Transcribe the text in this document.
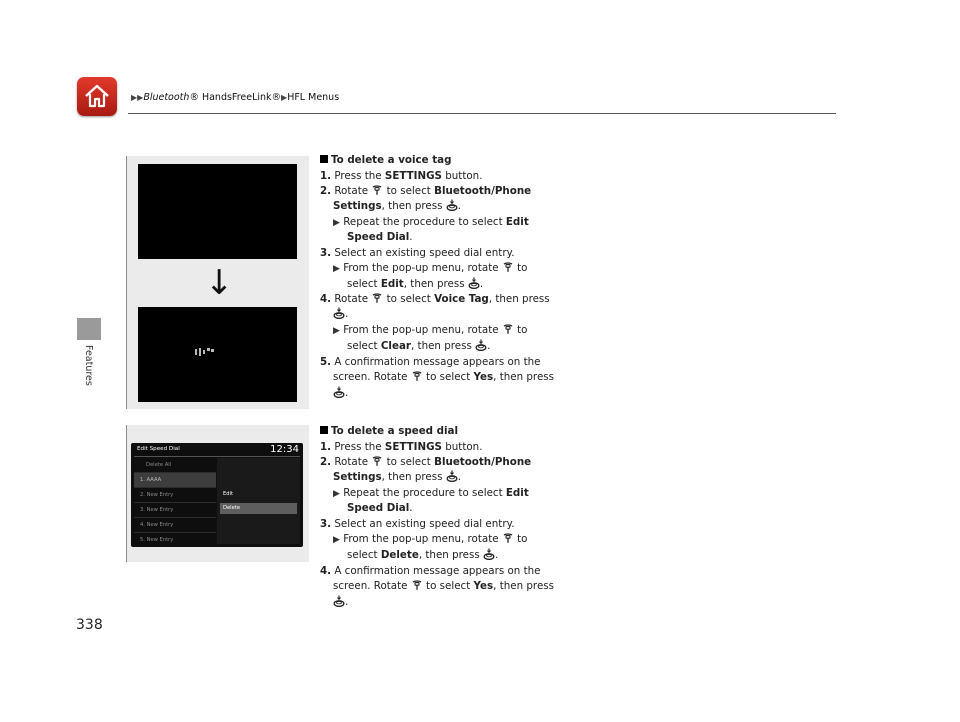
▶▶Bluetooth® HandsFreeLink®▶HFL Menus
Features
338
↓
Edit Speed Dial	12:34
Delete All
1. AAAA
2. New Entry
3. New Entry
4. New Entry
5. New Entry
Edit
Delete
To delete a voice tag
1. Press the SETTINGS button.
2. Rotate  to select Bluetooth/Phone
Settings, then press .
▶ Repeat the procedure to select Edit
Speed Dial.
3. Select an existing speed dial entry.
▶ From the pop-up menu, rotate  to
select Edit, then press .
4. Rotate  to select Voice Tag, then press
.
▶ From the pop-up menu, rotate  to
select Clear, then press .
5. A confirmation message appears on the
screen. Rotate  to select Yes, then press
.
To delete a speed dial
1. Press the SETTINGS button.
2. Rotate  to select Bluetooth/Phone
Settings, then press .
▶ Repeat the procedure to select Edit
Speed Dial.
3. Select an existing speed dial entry.
▶ From the pop-up menu, rotate  to
select Delete, then press .
4. A confirmation message appears on the
screen. Rotate  to select Yes, then press
.
